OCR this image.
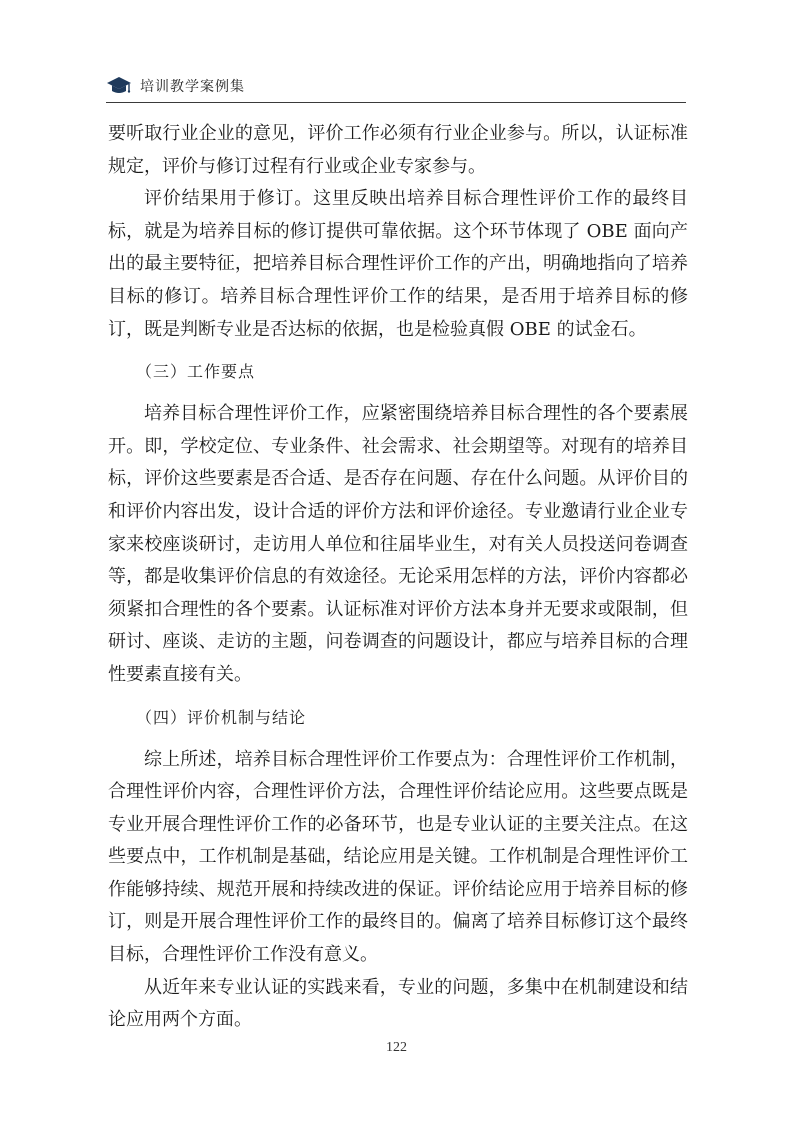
培训教学案例集

要听取行业企业的意见，评价工作必须有行业企业参与。所以，认证标准规定，评价与修订过程有行业或企业专家参与。

评价结果用于修订。这里反映出培养目标合理性评价工作的最终目标，就是为培养目标的修订提供可靠依据。这个环节体现了 OBE 面向产出的最主要特征，把培养目标合理性评价工作的产出，明确地指向了培养目标的修订。培养目标合理性评价工作的结果，是否用于培养目标的修订，既是判断专业是否达标的依据，也是检验真假 OBE 的试金石。

（三）工作要点

培养目标合理性评价工作，应紧密围绕培养目标合理性的各个要素展开。即，学校定位、专业条件、社会需求、社会期望等。对现有的培养目标，评价这些要素是否合适、是否存在问题、存在什么问题。从评价目的和评价内容出发，设计合适的评价方法和评价途径。专业邀请行业企业专家来校座谈研讨，走访用人单位和往届毕业生，对有关人员投送问卷调查等，都是收集评价信息的有效途径。无论采用怎样的方法，评价内容都必须紧扣合理性的各个要素。认证标准对评价方法本身并无要求或限制，但研讨、座谈、走访的主题，问卷调查的问题设计，都应与培养目标的合理性要素直接有关。

（四）评价机制与结论

综上所述，培养目标合理性评价工作要点为：合理性评价工作机制，合理性评价内容，合理性评价方法，合理性评价结论应用。这些要点既是专业开展合理性评价工作的必备环节，也是专业认证的主要关注点。在这些要点中，工作机制是基础，结论应用是关键。工作机制是合理性评价工作能够持续、规范开展和持续改进的保证。评价结论应用于培养目标的修订，则是开展合理性评价工作的最终目的。偏离了培养目标修订这个最终目标，合理性评价工作没有意义。

从近年来专业认证的实践来看，专业的问题，多集中在机制建设和结论应用两个方面。

122
